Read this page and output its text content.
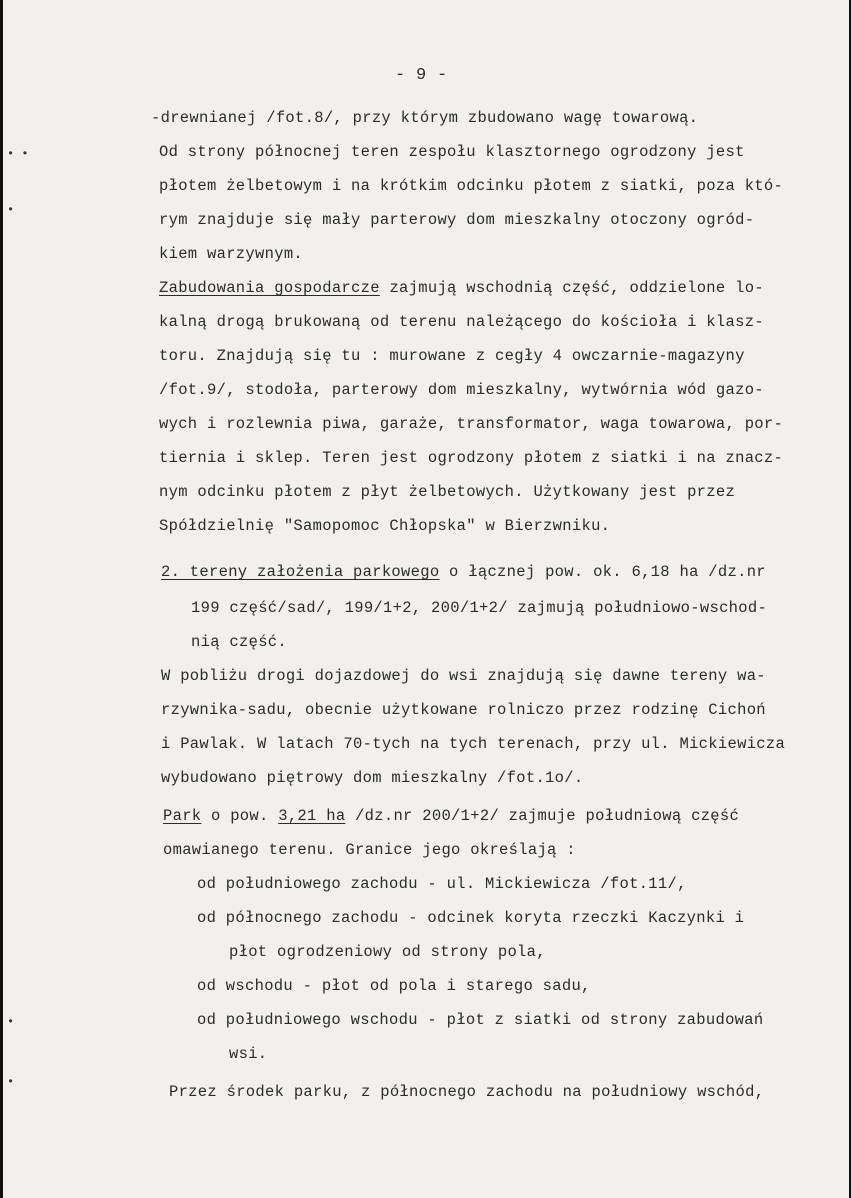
- 9 -
-drewnianej /fot.8/, przy którym zbudowano wagę towarową.
Od strony północnej teren zespołu klasztornego ogrodzony jest
płotem żelbetowym i na krótkim odcinku płotem z siatki, poza któ-
rym znajduje się mały parterowy dom mieszkalny otoczony ogród-
kiem warzywnym.
Zabudowania gospodarcze zajmują wschodnią część, oddzielone lo-
kalną drogą brukowaną od terenu należącego do kościoła i klasz-
toru. Znajdują się tu : murowane z cegły 4 owczarnie-magazyny
/fot.9/, stodoła, parterowy dom mieszkalny, wytwórnia wód gazo-
wych i rozlewnia piwa, garaże, transformator, waga towarowa, por-
tiernia i sklep. Teren jest ogrodzony płotem z siatki i na znacz-
nym odcinku płotem z płyt żelbetowych. Użytkowany jest przez
Spółdzielnię "Samopomoc Chłopska" w Bierzwniku.
2. tereny założenia parkowego o łącznej pow. ok. 6,18 ha /dz.nr
199 część/sad/, 199/1+2, 200/1+2/ zajmują południowo-wschod-
nią część.
W pobliżu drogi dojazdowej do wsi znajdują się dawne tereny wa-
rzywnika-sadu, obecnie użytkowane rolniczo przez rodzinę Cichoń
i Pawlak. W latach 70-tych na tych terenach, przy ul. Mickiewicza
wybudowano piętrowy dom mieszkalny /fot.1o/.
Park o pow. 3,21 ha /dz.nr 200/1+2/ zajmuje południową część
omawianego terenu. Granice jego określają :
od południowego zachodu - ul. Mickiewicza /fot.11/,
od północnego zachodu - odcinek koryta rzeczki Kaczynki i
płot ogrodzeniowy od strony pola,
od wschodu - płot od pola i starego sadu,
od południowego wschodu - płot z siatki od strony zabudowań
wsi.
Przez środek parku, z północnego zachodu na południowy wschód,
• •
•
•
•
